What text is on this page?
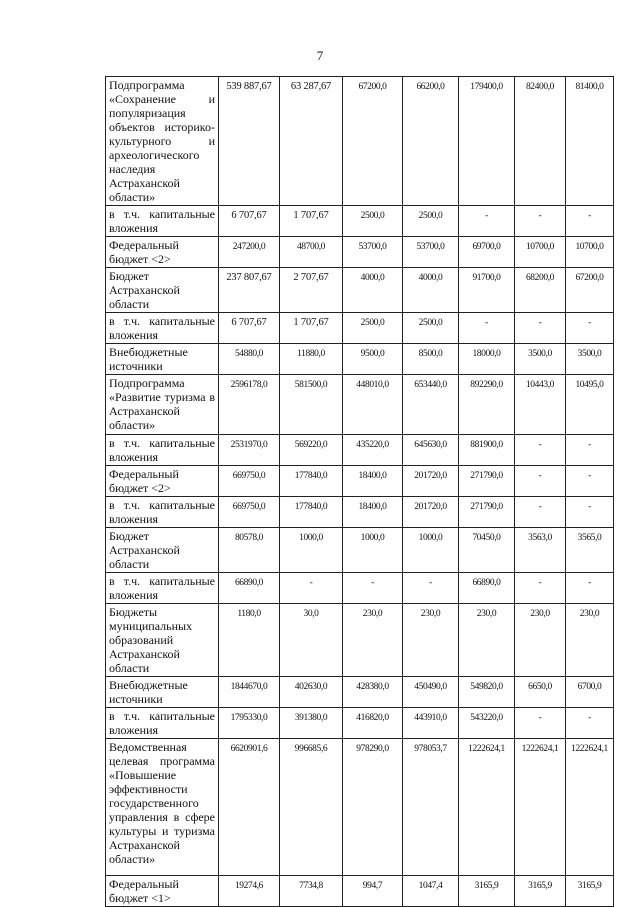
7
Подпрограмма «Сохранение и популяризация объектов историко-культурного и археологического наследия Астраханской области»	539 887,67	63 287,67	67200,0	66200,0	179400,0	82400,0	81400,0
в т.ч. капитальные вложения	6 707,67	1 707,67	2500,0	2500,0	-	-	-
Федеральный бюджет <2>	247200,0	48700,0	53700,0	53700,0	69700,0	10700,0	10700,0
Бюджет Астраханской области	237 807,67	2 707,67	4000,0	4000,0	91700,0	68200,0	67200,0
в т.ч. капитальные вложения	6 707,67	1 707,67	2500,0	2500,0	-	-	-
Внебюджетные источники	54880,0	11880,0	9500,0	8500,0	18000,0	3500,0	3500,0
Подпрограмма «Развитие туризма в Астраханской области»	2596178,0	581500,0	448010,0	653440,0	892290,0	10443,0	10495,0
в т.ч. капитальные вложения	2531970,0	569220,0	435220,0	645630,0	881900,0	-	-
Федеральный бюджет <2>	669750,0	177840,0	18400,0	201720,0	271790,0	-	-
в т.ч. капитальные вложения	669750,0	177840,0	18400,0	201720,0	271790,0	-	-
Бюджет Астраханской области	80578,0	1000,0	1000,0	1000,0	70450,0	3563,0	3565,0
в т.ч. капитальные вложения	66890,0	-	-	-	66890,0	-	-
Бюджеты муниципальных образований Астраханской области	1180,0	30,0	230,0	230,0	230,0	230,0	230,0
Внебюджетные источники	1844670,0	402630,0	428380,0	450490,0	549820,0	6650,0	6700,0
в т.ч. капитальные вложения	1795330,0	391380,0	416820,0	443910,0	543220,0	-	-
Ведомственная целевая программа «Повышение эффективности государственного управления в сфере культуры и туризма Астраханской области»	6620901,6	996685,6	978290,0	978053,7	1222624,1	1222624,1	1222624,1
Федеральный бюджет <1>	19274,6	7734,8	994,7	1047,4	3165,9	3165,9	3165,9
